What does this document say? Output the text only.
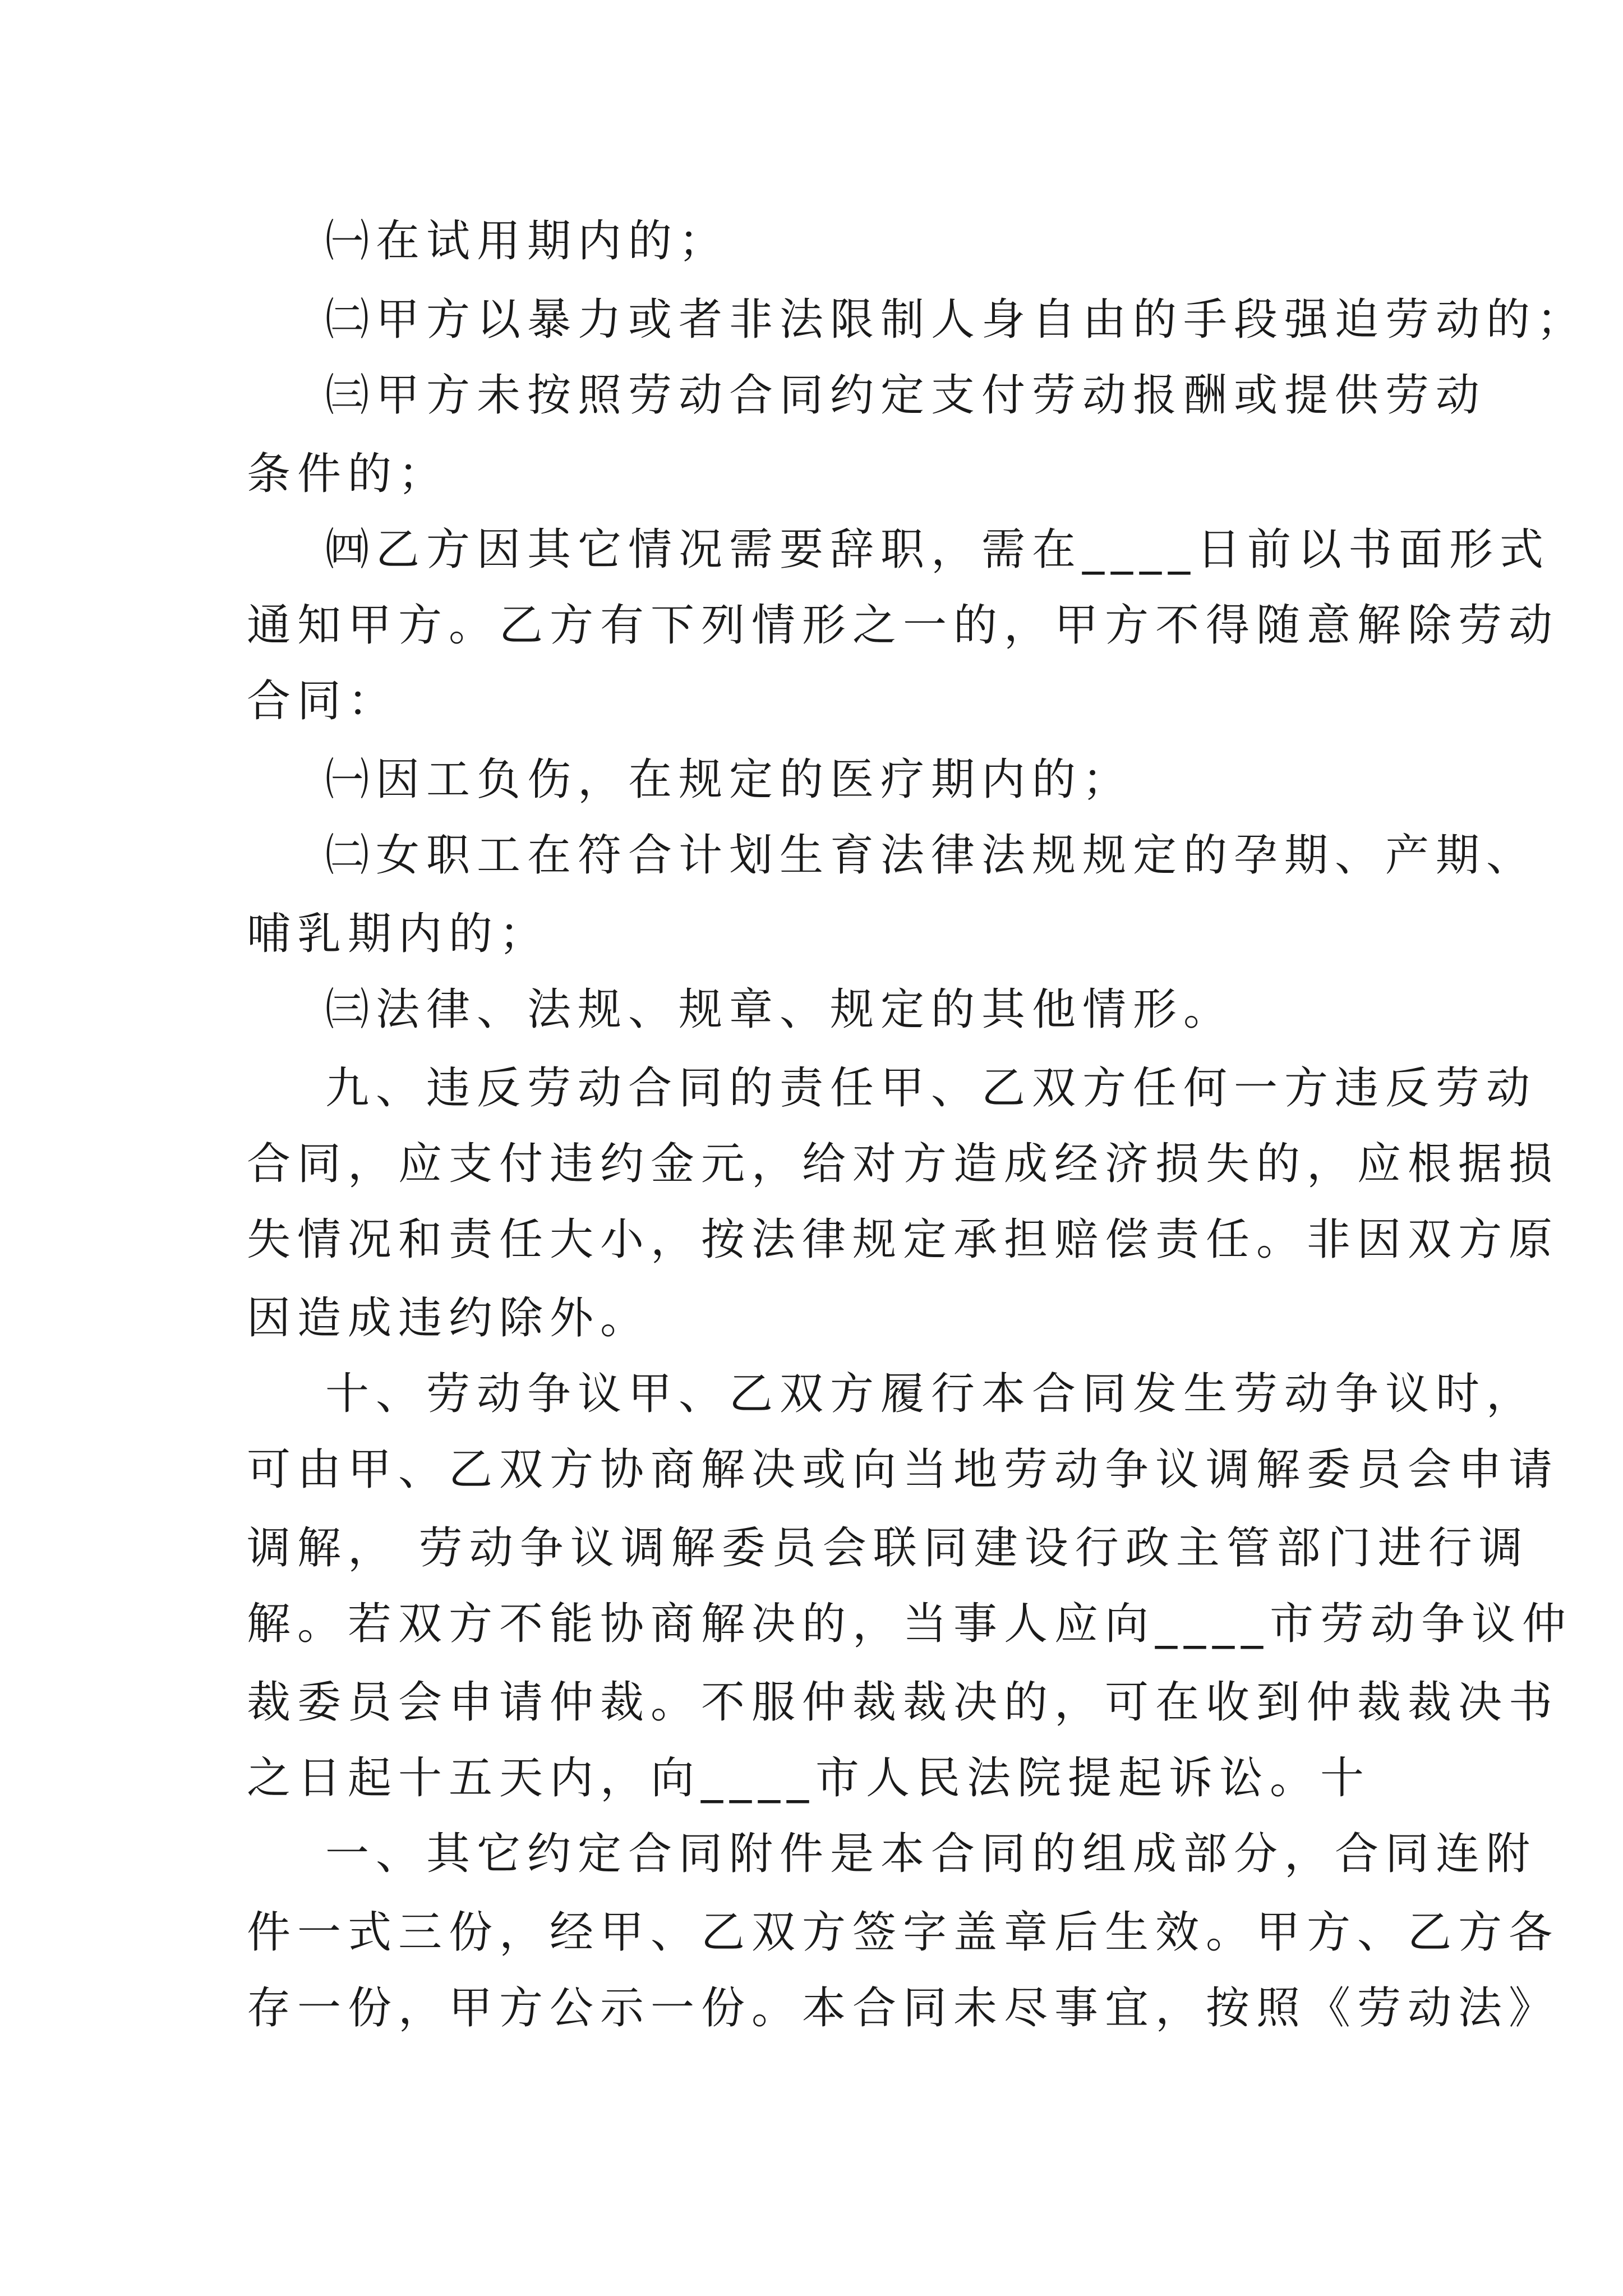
㈠在试用期内的；
㈡甲方以暴力或者非法限制人身自由的手段强迫劳动的；
㈢甲方未按照劳动合同约定支付劳动报酬或提供劳动
条件的；
㈣乙方因其它情况需要辞职，需在____日前以书面形式
通知甲方。乙方有下列情形之一的，甲方不得随意解除劳动
合同：
㈠因工负伤，在规定的医疗期内的；
㈡女职工在符合计划生育法律法规规定的孕期、产期、
哺乳期内的；
㈢法律、法规、规章、规定的其他情形。
九、违反劳动合同的责任甲、乙双方任何一方违反劳动
合同，应支付违约金元，给对方造成经济损失的，应根据损
失情况和责任大小，按法律规定承担赔偿责任。非因双方原
因造成违约除外。
十、劳动争议甲、乙双方履行本合同发生劳动争议时，
可由甲、乙双方协商解决或向当地劳动争议调解委员会申请
调解， 劳动争议调解委员会联同建设行政主管部门进行调
解。若双方不能协商解决的，当事人应向____市劳动争议仲
裁委员会申请仲裁。不服仲裁裁决的，可在收到仲裁裁决书
之日起十五天内，向____市人民法院提起诉讼。十
一、其它约定合同附件是本合同的组成部分，合同连附
件一式三份，经甲、乙双方签字盖章后生效。甲方、乙方各
存一份，甲方公示一份。本合同未尽事宜，按照《劳动法》
